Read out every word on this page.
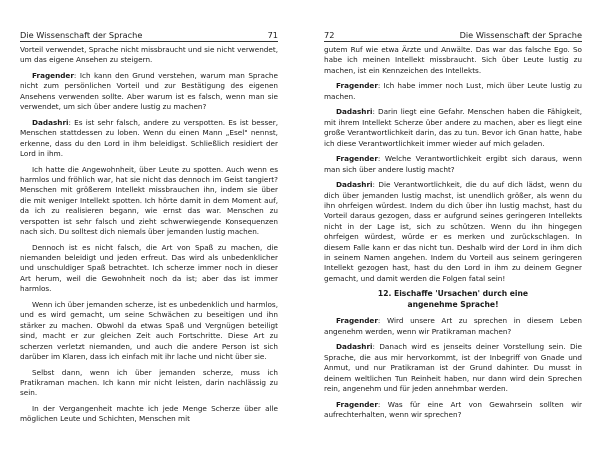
Die Wissenschaft der Sprache	71

Vorteil verwendet, Sprache nicht missbraucht und sie nicht verwendet, um das eigene Ansehen zu steigern.

Fragender: Ich kann den Grund verstehen, warum man Sprache nicht zum persönlichen Vorteil und zur Bestätigung des eigenen Ansehens verwenden sollte. Aber warum ist es falsch, wenn man sie verwendet, um sich über andere lustig zu machen?

Dadashri: Es ist sehr falsch, andere zu verspotten. Es ist besser, Menschen stattdessen zu loben. Wenn du einen Mann „Esel" nennst, erkenne, dass du den Lord in ihm beleidigst. Schließlich residiert der Lord in ihm.

Ich hatte die Angewohnheit, über Leute zu spotten. Auch wenn es harmlos und fröhlich war, hat sie nicht das dennoch im Geist tangiert? Menschen mit größerem Intellekt missbrauchen ihn, indem sie über die mit weniger Intellekt spotten. Ich hörte damit in dem Moment auf, da ich zu realisieren begann, wie ernst das war. Menschen zu verspotten ist sehr falsch und zieht schwerwiegende Konsequenzen nach sich. Du solltest dich niemals über jemanden lustig machen.

Dennoch ist es nicht falsch, die Art von Spaß zu machen, die niemanden beleidigt und jeden erfreut. Das wird als unbedenklicher und unschuldiger Spaß betrachtet. Ich scherze immer noch in dieser Art herum, weil die Gewohnheit noch da ist; aber das ist immer harmlos.

Wenn ich über jemanden scherze, ist es unbedenklich und harmlos, und es wird gemacht, um seine Schwächen zu beseitigen und ihn stärker zu machen. Obwohl da etwas Spaß und Vergnügen beteiligt sind, macht er zur gleichen Zeit auch Fortschritte. Diese Art zu scherzen verletzt niemanden, und auch die andere Person ist sich darüber im Klaren, dass ich einfach mit ihr lache und nicht über sie.

Selbst dann, wenn ich über jemanden scherze, muss ich Pratikraman machen. Ich kann mir nicht leisten, darin nachlässig zu sein.

In der Vergangenheit machte ich jede Menge Scherze über alle möglichen Leute und Schichten, Menschen mit

72	Die Wissenschaft der Sprache

gutem Ruf wie etwa Ärzte und Anwälte. Das war das falsche Ego. So habe ich meinen Intellekt missbraucht. Sich über Leute lustig zu machen, ist ein Kennzeichen des Intellekts.

Fragender: Ich habe immer noch Lust, mich über Leute lustig zu machen.

Dadashri: Darin liegt eine Gefahr. Menschen haben die Fähigkeit, mit ihrem Intellekt Scherze über andere zu machen, aber es liegt eine große Verantwortlichkeit darin, das zu tun. Bevor ich Gnan hatte, habe ich diese Verantwortlichkeit immer wieder auf mich geladen.

Fragender: Welche Verantwortlichkeit ergibt sich daraus, wenn man sich über andere lustig macht?

Dadashri: Die Verantwortlichkeit, die du auf dich lädst, wenn du dich über jemanden lustig machst, ist unendlich größer, als wenn du ihn ohrfeigen würdest. Indem du dich über ihn lustig machst, hast du Vorteil daraus gezogen, dass er aufgrund seines geringeren Intellekts nicht in der Lage ist, sich zu schützen. Wenn du ihn hingegen ohrfeigen würdest, würde er es merken und zurückschlagen. In diesem Falle kann er das nicht tun. Deshalb wird der Lord in ihm dich in seinem Namen angehen. Indem du Vorteil aus seinem geringeren Intellekt gezogen hast, hast du den Lord in ihm zu deinem Gegner gemacht, und damit werden die Folgen fatal sein!

12. Eischaffe 'Ursachen' durch eine
angenehme Sprache!

Fragender: Wird unsere Art zu sprechen in diesem Leben angenehm werden, wenn wir Pratikraman machen?

Dadashri: Danach wird es jenseits deiner Vorstellung sein. Die Sprache, die aus mir hervorkommt, ist der Inbegriff von Gnade und Anmut, und nur Pratikraman ist der Grund dahinter. Du musst in deinem weltlichen Tun Reinheit haben, nur dann wird dein Sprechen rein, angenehm und für jeden annehmbar werden.

Fragender: Was für eine Art von Gewahrsein sollten wir aufrechterhalten, wenn wir sprechen?
